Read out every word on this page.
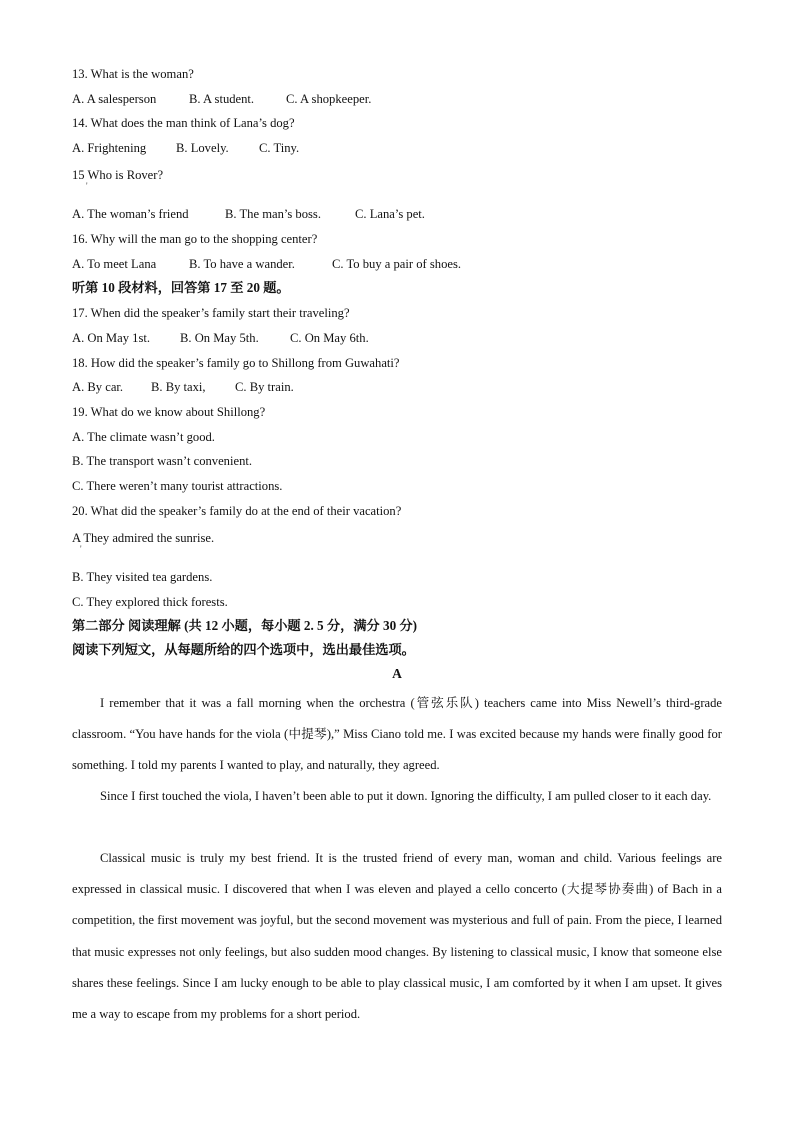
13. What is the woman?
A. A salesperson	B. A student.	C. A shopkeeper.
14. What does the man think of Lana’s dog?
A. Frightening B. Lovely. C. Tiny.
15 Who is Rover?
'
A. The woman’s friend	B. The man’s boss.	C. Lana’s pet.
16. Why will the man go to the shopping center?
A. To meet Lana	B. To have a wander.	C. To buy a pair of shoes.
听第 10 段材料，回答第 17 至 20 题。
17. When did the speaker’s family start their traveling?
A. On May 1st. B. On May 5th. C. On May 6th.
18. How did the speaker’s family go to Shillong from Guwahati?
A. By car. B. By taxi, C. By train.
19. What do we know about Shillong?
A. The climate wasn’t good.
B. The transport wasn’t convenient.
C. There weren’t many tourist attractions.
20. What did the speaker’s family do at the end of their vacation?
A They admired the sunrise.
'
B. They visited tea gardens.
C. They explored thick forests.
第二部分 阅读理解 (共 12 小题，每小题 2. 5 分，满分 30 分)
阅读下列短文，从每题所给的四个选项中，选出最佳选项。
A

I remember that it was a fall morning when the orchestra (管弦乐队) teachers came into Miss Newell’s third-grade classroom. “You have hands for the viola (中提琴),” Miss Ciano told me. I was excited because my hands were finally good for something. I told my parents I wanted to play, and naturally, they agreed.

Since I first touched the viola, I haven’t been able to put it down. Ignoring the difficulty, I am pulled closer to it each day.

Classical music is truly my best friend. It is the trusted friend of every man, woman and child. Various feelings are expressed in classical music. I discovered that when I was eleven and played a cello concerto (大提琴协奏曲) of Bach in a competition, the first movement was joyful, but the second movement was mysterious and full of pain. From the piece, I learned that music expresses not only feelings, but also sudden mood changes. By listening to classical music, I know that someone else shares these feelings. Since I am lucky enough to be able to play classical music, I am comforted by it when I am upset. It gives me a way to escape from my problems for a short period.
